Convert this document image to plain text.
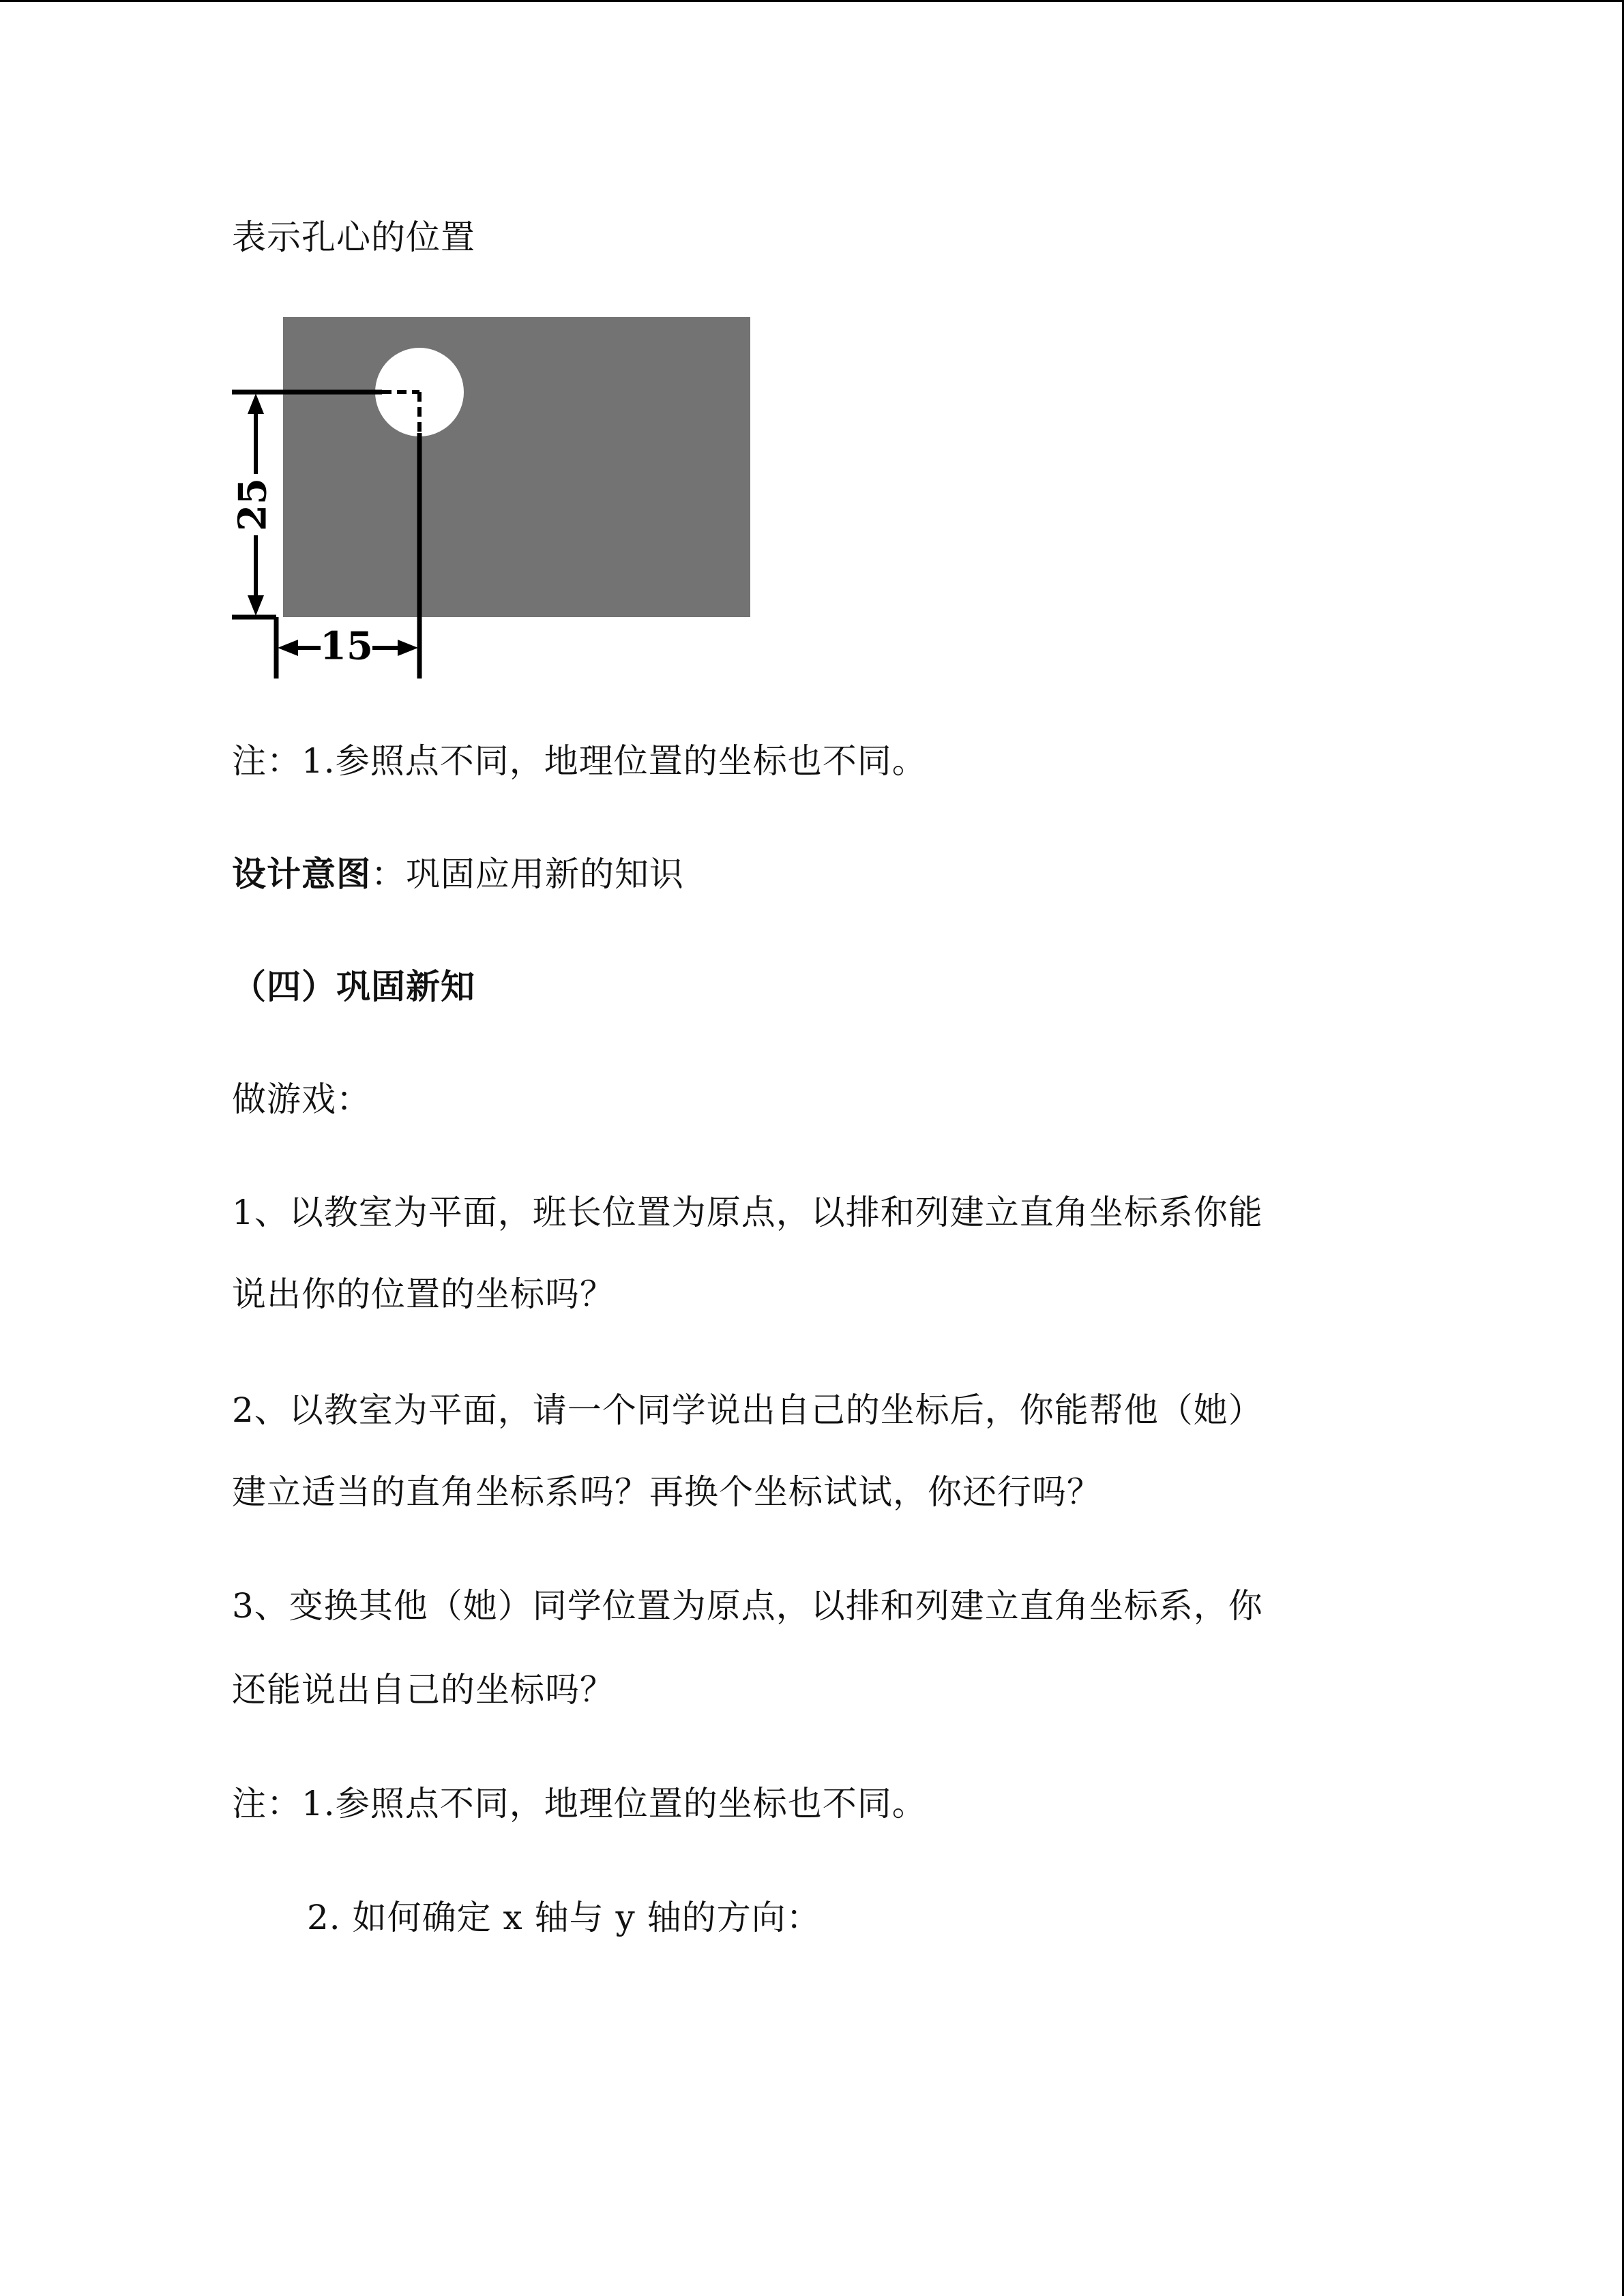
表示孔心的位置
25
15
注：1.参照点不同，地理位置的坐标也不同。
设计意图：巩固应用新的知识
（四）巩固新知
做游戏：
1、以教室为平面，班长位置为原点，以排和列建立直角坐标系你能
说出你的位置的坐标吗？
2、以教室为平面，请一个同学说出自己的坐标后，你能帮他（她）
建立适当的直角坐标系吗？再换个坐标试试，你还行吗？
3、变换其他（她）同学位置为原点，以排和列建立直角坐标系，你
还能说出自己的坐标吗？
注：1.参照点不同，地理位置的坐标也不同。
2. 如何确定 x 轴与 y 轴的方向：
